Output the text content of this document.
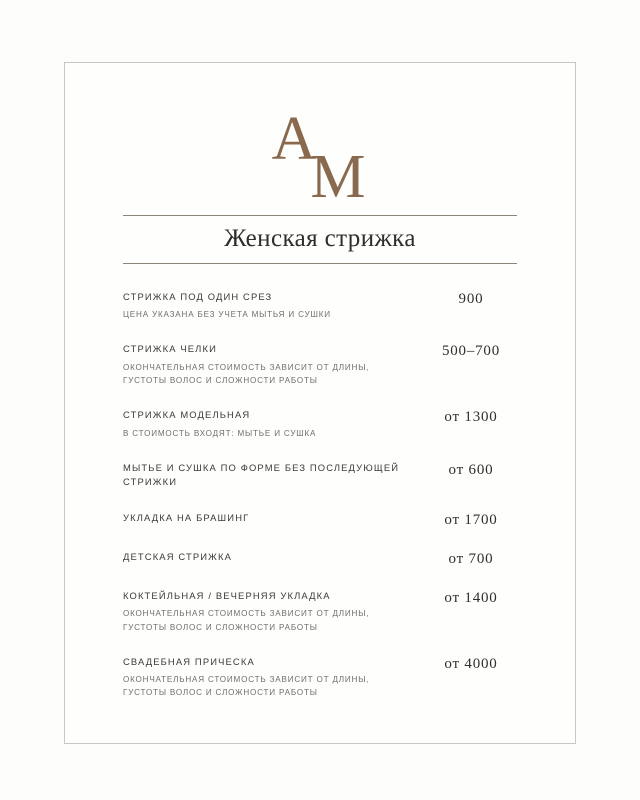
A
M
Женская стрижка
СТРИЖКА ПОД ОДИН СРЕЗ
ЦЕНА УКАЗАНА БЕЗ УЧЕТА МЫТЬЯ И СУШКИ
900
СТРИЖКА ЧЕЛКИ
ОКОНЧАТЕЛЬНАЯ СТОИМОСТЬ ЗАВИСИТ ОТ ДЛИНЫ, ГУСТОТЫ ВОЛОС И СЛОЖНОСТИ РАБОТЫ
500–700
СТРИЖКА МОДЕЛЬНАЯ
В СТОИМОСТЬ ВХОДЯТ: МЫТЬЕ И СУШКА
от 1300
МЫТЬЕ И СУШКА ПО ФОРМЕ БЕЗ ПОСЛЕДУЮЩЕЙ СТРИЖКИ
от 600
УКЛАДКА НА БРАШИНГ	от 1700
ДЕТСКАЯ СТРИЖКА	от 700
КОКТЕЙЛЬНАЯ / ВЕЧЕРНЯЯ УКЛАДКА
ОКОНЧАТЕЛЬНАЯ СТОИМОСТЬ ЗАВИСИТ ОТ ДЛИНЫ, ГУСТОТЫ ВОЛОС И СЛОЖНОСТИ РАБОТЫ
от 1400
СВАДЕБНАЯ ПРИЧЕСКА
ОКОНЧАТЕЛЬНАЯ СТОИМОСТЬ ЗАВИСИТ ОТ ДЛИНЫ, ГУСТОТЫ ВОЛОС И СЛОЖНОСТИ РАБОТЫ
от 4000
